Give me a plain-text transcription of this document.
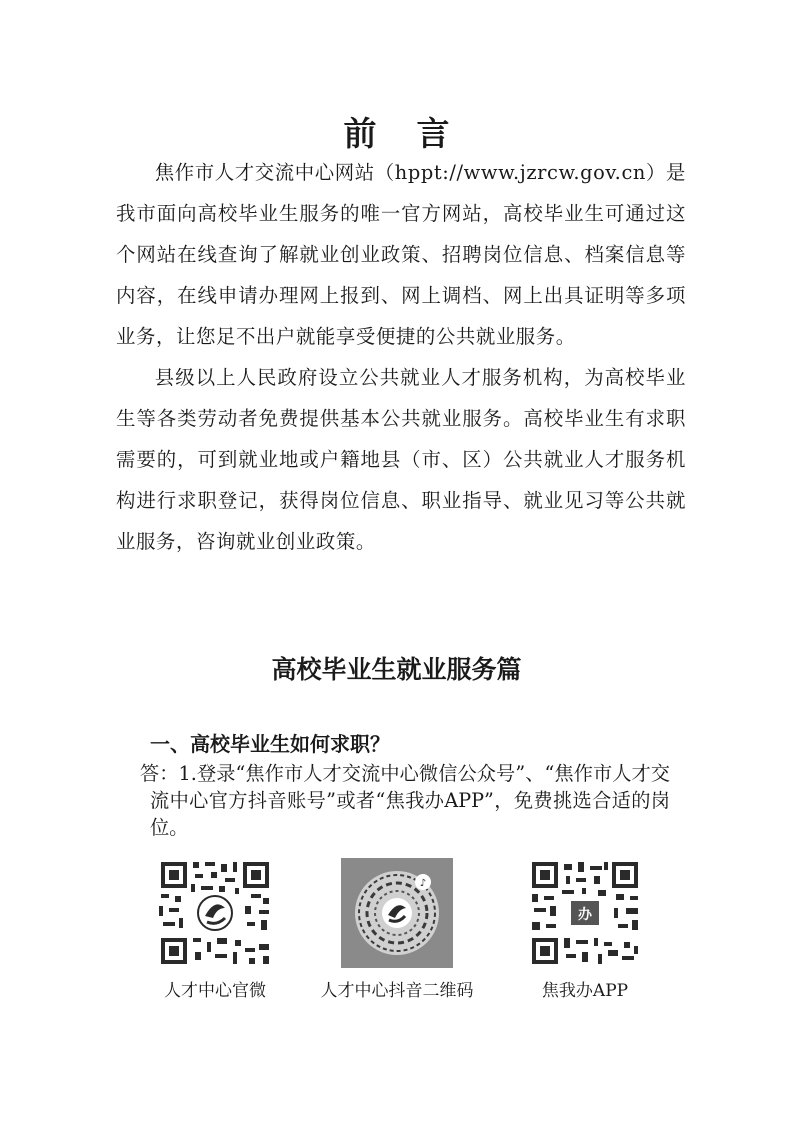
前言

焦作市人才交流中心网站（hppt://www.jzrcw.gov.cn）是我市面向高校毕业生服务的唯一官方网站，高校毕业生可通过这个网站在线查询了解就业创业政策、招聘岗位信息、档案信息等内容，在线申请办理网上报到、网上调档、网上出具证明等多项业务，让您足不出户就能享受便捷的公共就业服务。

县级以上人民政府设立公共就业人才服务机构，为高校毕业生等各类劳动者免费提供基本公共就业服务。高校毕业生有求职需要的，可到就业地或户籍地县（市、区）公共就业人才服务机构进行求职登记，获得岗位信息、职业指导、就业见习等公共就业服务，咨询就业创业政策。

高校毕业生就业服务篇

一、高校毕业生如何求职？

答：1.登录“焦作市人才交流中心微信公众号”、“焦作市人才交流中心官方抖音账号”或者“焦我办APP”，免费挑选合适的岗位。

人才中心官微

♪

人才中心抖音二维码

办

焦我办APP
